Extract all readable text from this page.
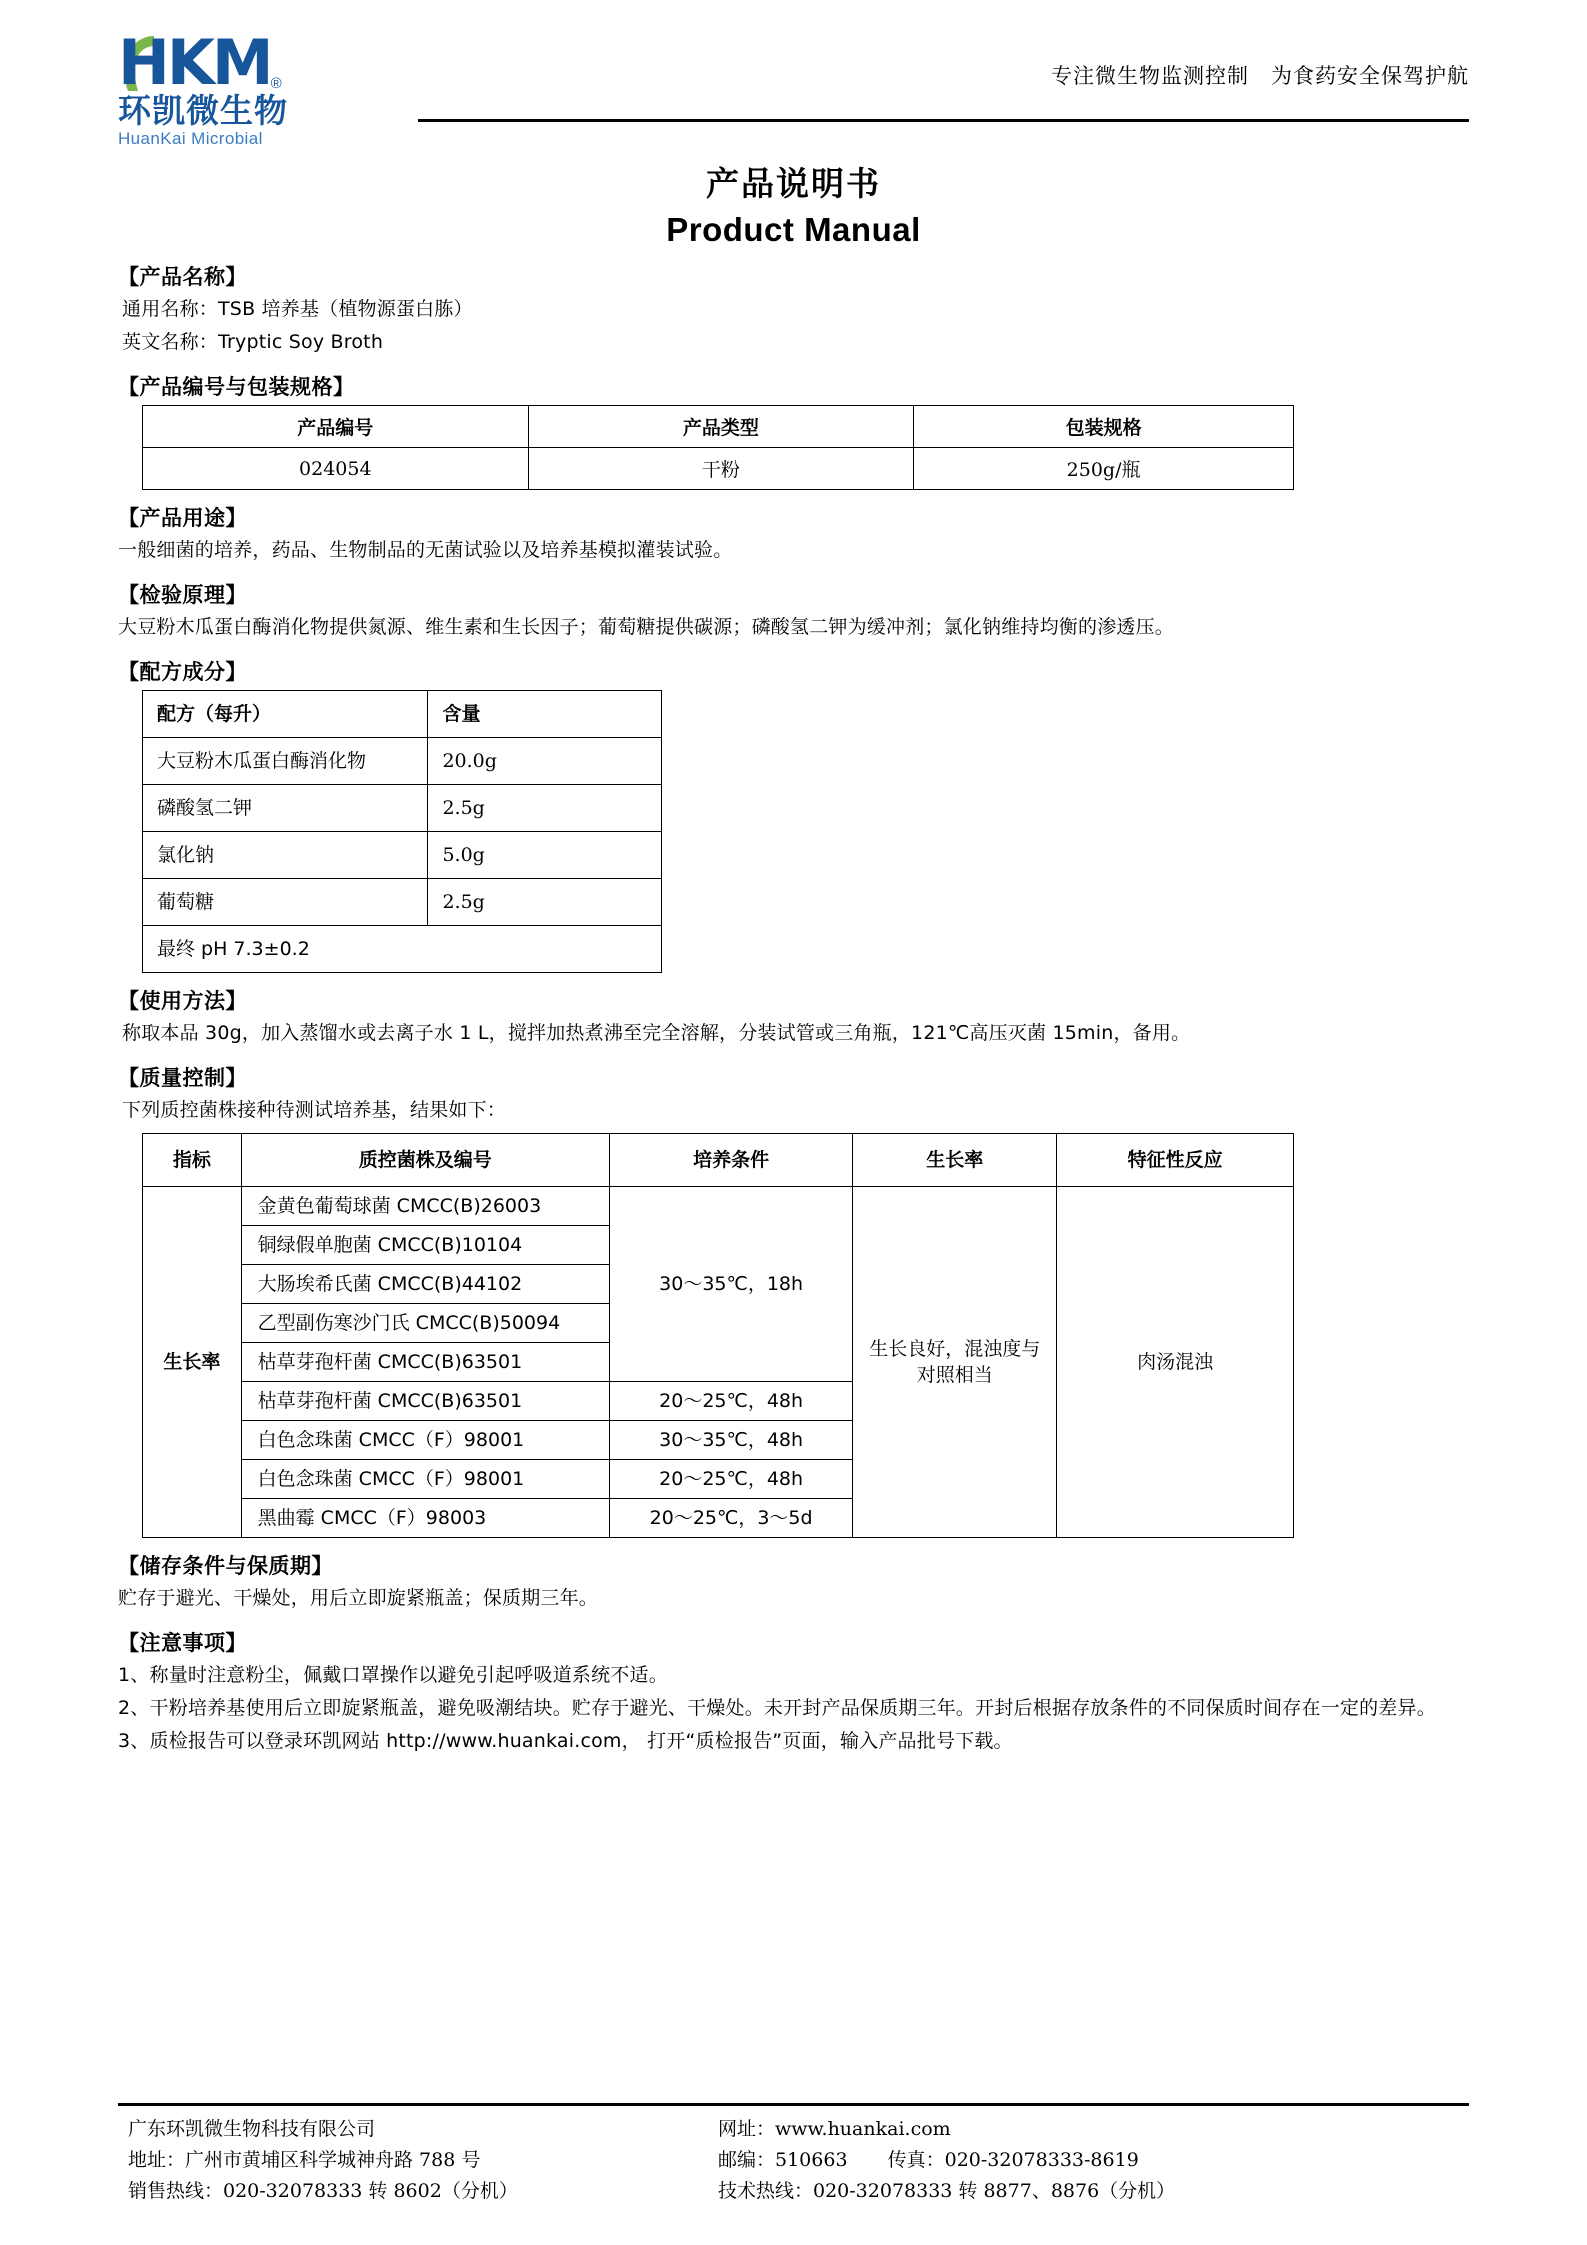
HKM ®
环凯微生物
HuanKai Microbial
专注微生物监测控制　为食药安全保驾护航
产品说明书
Product Manual
【产品名称】
通用名称：TSB 培养基（植物源蛋白胨）
英文名称：Tryptic Soy Broth
【产品编号与包装规格】
产品编号	产品类型	包装规格
024054	干粉	250g/瓶
【产品用途】
一般细菌的培养，药品、生物制品的无菌试验以及培养基模拟灌装试验。
【检验原理】
大豆粉木瓜蛋白酶消化物提供氮源、维生素和生长因子；葡萄糖提供碳源；磷酸氢二钾为缓冲剂；氯化钠维持均衡的渗透压。
【配方成分】
配方（每升）	含量
大豆粉木瓜蛋白酶消化物	20.0g
磷酸氢二钾	2.5g
氯化钠	5.0g
葡萄糖	2.5g
最终 pH 7.3±0.2	
【使用方法】
称取本品 30g，加入蒸馏水或去离子水 1 L，搅拌加热煮沸至完全溶解，分装试管或三角瓶，121℃高压灭菌 15min，备用。
【质量控制】
下列质控菌株接种待测试培养基，结果如下：
指标	质控菌株及编号	培养条件	生长率	特征性反应
生长率	金黄色葡萄球菌 CMCC(B)26003	30～35℃，18h	生长良好，混浊度与对照相当	肉汤混浊
	铜绿假单胞菌 CMCC(B)10104			
	大肠埃希氏菌 CMCC(B)44102			
	乙型副伤寒沙门氏 CMCC(B)50094			
	枯草芽孢杆菌 CMCC(B)63501			
	枯草芽孢杆菌 CMCC(B)63501	20～25℃，48h		
	白色念珠菌 CMCC（F）98001	30～35℃，48h		
	白色念珠菌 CMCC（F）98001	20～25℃，48h		
	黑曲霉 CMCC（F）98003	20～25℃，3～5d		
【储存条件与保质期】
贮存于避光、干燥处，用后立即旋紧瓶盖；保质期三年。
【注意事项】
1、称量时注意粉尘，佩戴口罩操作以避免引起呼吸道系统不适。
2、干粉培养基使用后立即旋紧瓶盖，避免吸潮结块。贮存于避光、干燥处。未开封产品保质期三年。开封后根据存放条件的不同保质时间存在一定的差异。
3、质检报告可以登录环凯网站 http://www.huankai.com， 打开“质检报告”页面，输入产品批号下载。
广东环凯微生物科技有限公司
地址：广州市黄埔区科学城神舟路 788 号
销售热线：020-32078333 转 8602（分机）
网址：www.huankai.com
邮编：510663 传真：020-32078333-8619
技术热线：020-32078333 转 8877、8876（分机）
